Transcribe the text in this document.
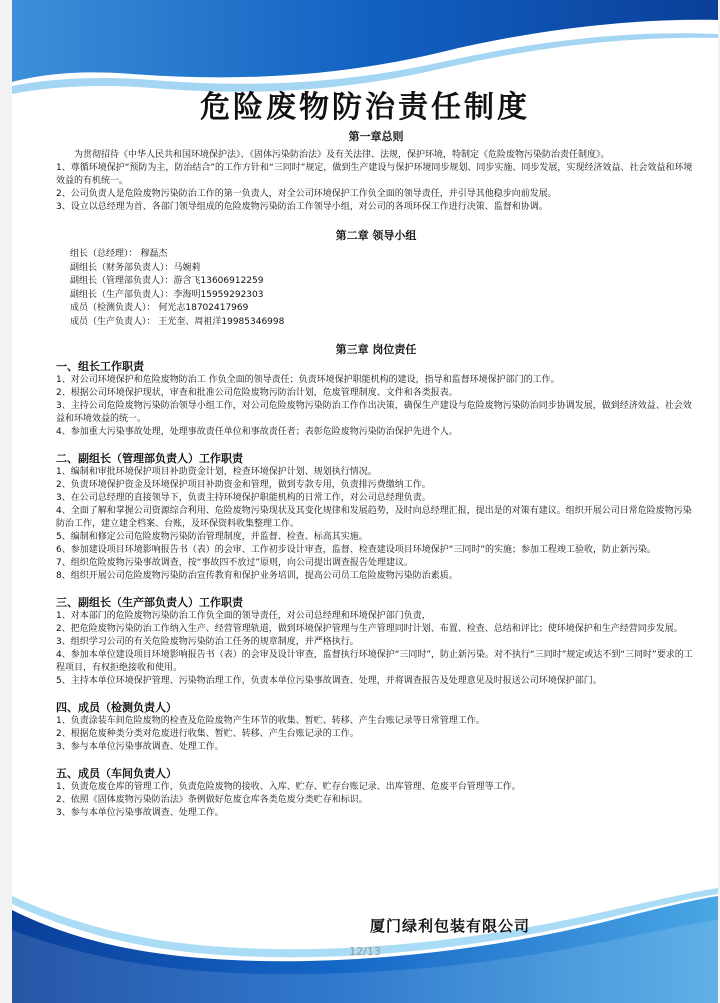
危险废物防治责任制度

第一章总则

为贯彻招待《中华人民共和国环境保护法》、《固体污染防治法》及有关法律、法规，保护环境，特制定《危险废物污染防治责任制度》。

1、尊循环境保护“预防为主，防治结合”的工作方针和“三同时”规定，做到生产建设与保护环境同步规划、同步实施、同步发展，实现经济效益、社会效益和环境效益的有机统一。

2、公司负责人是危险废物污染防治工作的第一负责人，对全公司环境保护工作负全面的领导责任，并引导其他稳步向前发展。

3、设立以总经理为首、各部门领导组成的危险废物污染防治工作领导小组，对公司的各项环保工作进行决策、监督和协调。

第二章 领导小组

组长（总经理）： 穆磊杰

副组长（财务部负责人）：马婉莉

副组长（管理部负责人）：游含飞13606912259

副组长（生产部负责人）：李海明15959292303

成员（检测负责人）： 何光志18702417969

成员（生产负责人）： 王光奎、周祖洋19985346998

第三章 岗位责任

一、组长工作职责

1、对公司环境保护和危险废物防治工 作负全面的领导责任；负责环境保护职能机构的建设，指导和监督环境保护部门的工作。

2、根据公司环境保护现状，审查和批准公司危险废物污防治计划，危废管理制度、文件和各类报表。

3、主持公司危险废物污染防治领导小组工作，对公司危险废物污染防治工作作出决策，确保生产建设与危险废物污染防治同步协调发展，做到经济效益、社会效益和环境效益的统一。

4、参加重大污染事故处理，处理事故责任单位和事故责任者；表彰危险废物污染防治保护先进个人。

二、副组长（管理部负责人）工作职责

1、编制和审批环境保护项目补助资金计划，检查环境保护计划、规划执行情况。

2、负责环境保护资金及环境保护项目补助资金和管理，做到专款专用，负责排污费缴纳工作。

3、在公司总经理的直接领导下，负责主持环境保护职能机构的日常工作，对公司总经理负责。

4、全面了解和掌握公司资源综合利用、危险废物污染现状及其变化规律和发展趋势，及时向总经理汇报，提出是的对策有建议。组织开展公司日常危险废物污染防治工作，建立建全档案、台账，及环保资料收集整理工作。

5、编制和修定公司危险废物污染防治管理制度，并监督、检查、标高其实施。

6、参加建设项目环境影响报告书（表）的会审、工作初步设计审查，监督、检查建设项目环境保护“三同时”的实施；参加工程竣工验收，防止新污染。

7、组织危险废物污染事故调查，按“事故四不放过”原则，向公司提出调查报告处理建议。

8、组织开展公司危险废物污染防治宣传教育和保护业务培训，提高公司员工危险废物污染防治素质。

三、副组长（生产部负责人）工作职责

1、对本部门的危险废物污染防治工作负全面的领导责任，对公司总经理和环境保护部门负责，

2、把危险废物污染防治工作纳入生产、经营管理轨道，做到环境保护管理与生产管理同时计划、布置、检查、总结和评比；使环境保护和生产经营同步发展。

3、组织学习公司的有关危险废物污染防治工任务的规章制度，并严格执行。

4、参加本单位建设项目环境影响报告书（表）的会审及设计审查，监督执行环境保护“三同时”，防止新污染。对不执行“三同时”规定或达不到“三同时”要求的工程项目，有权拒绝接收和使用。

5、主持本单位环境保护管理、污染物治理工作，负责本单位污染事故调查、处理，并将调查报告及处理意见及时报送公司环境保护部门。

四、成员（检测负责人）

1、负责涂装车间危险废物的检查及危险废物产生环节的收集、暂贮、转移、产生台账记录等日常管理工作。

2、根据危废种类分类对危废进行收集、暂贮、转移、产生台账记录的工作。

3、参与本单位污染事故调查、处理工作。

五、成员（车间负责人）

1、负责危废仓库的管理工作，负责危险废物的接收、入库、贮存、贮存台账记录、出库管理、危废平台管理等工作。

2、依照《固体废物污染防治法》条例做好危废仓库各类危废分类贮存和标识。

3、参与本单位污染事故调查、处理工作。

厦门绿利包装有限公司
12/13
